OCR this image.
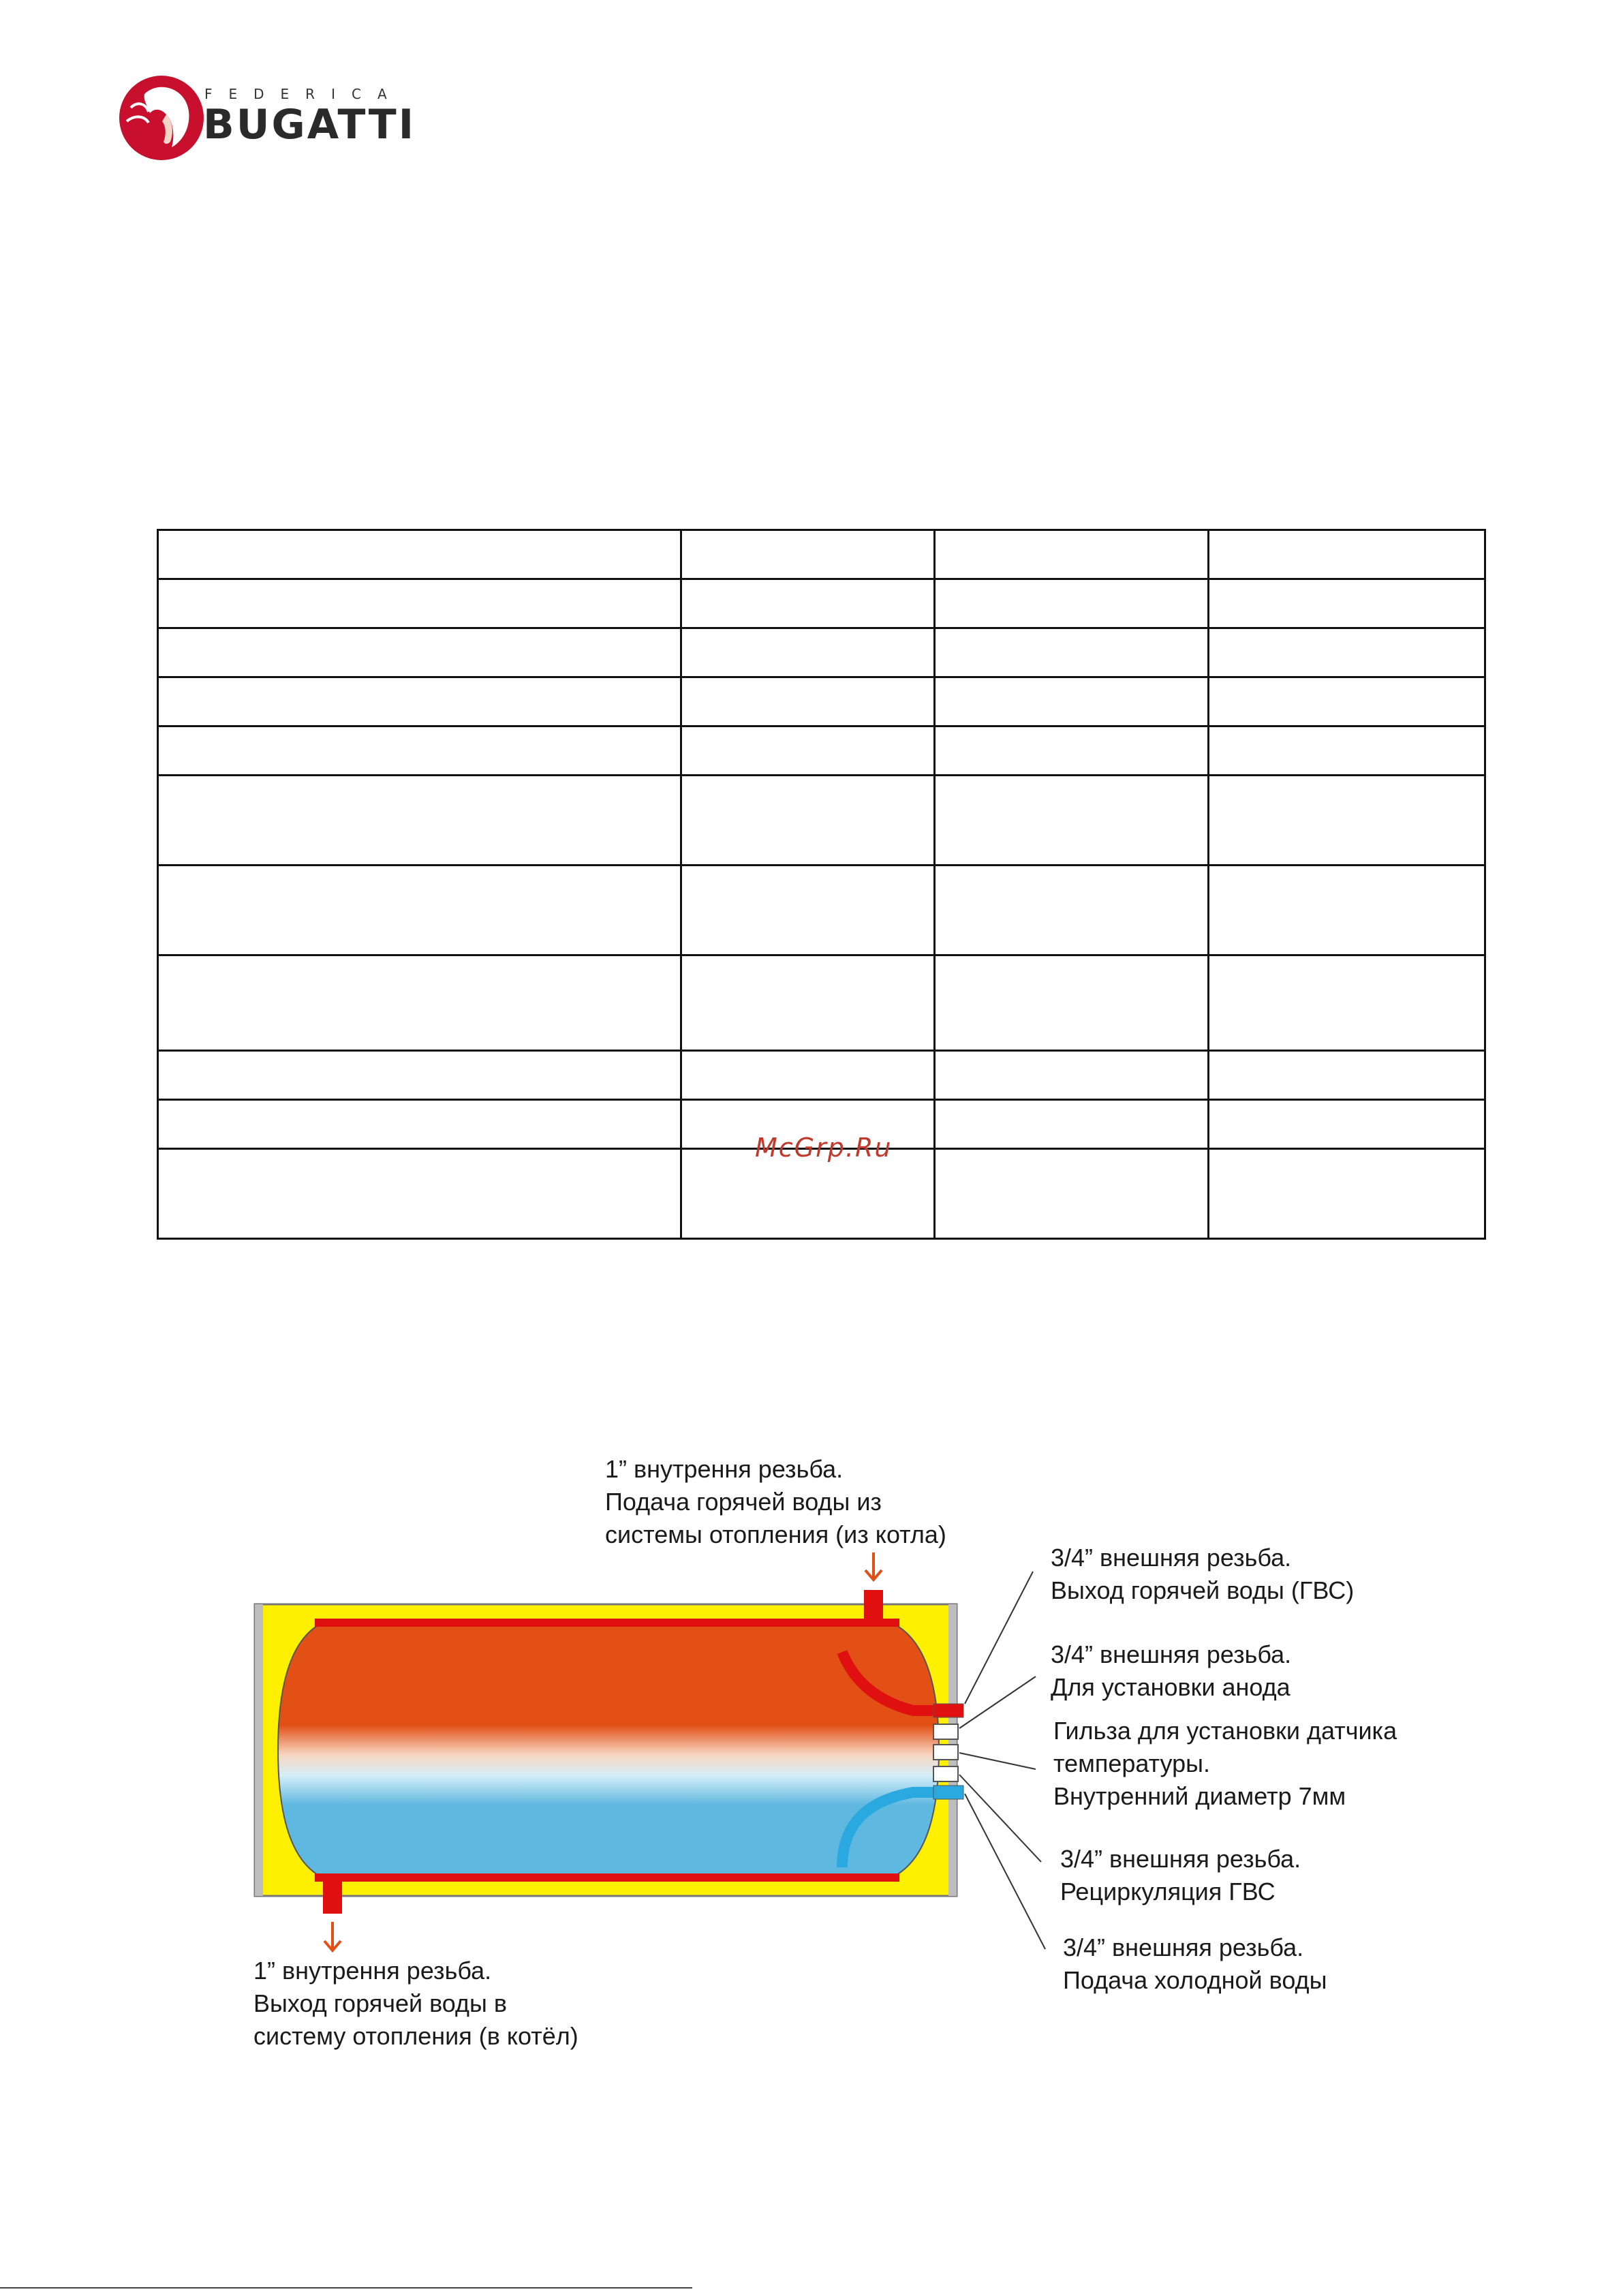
FEDERICA
BUGATTI

McGrp.Ru
1” внутрення резьба.
Подача горячей воды из
системы отопления (из котла)
3/4” внешняя резьба.
Выход горячей воды (ГВС)
3/4” внешняя резьба.
Для установки анода
Гильза для установки датчика
температуры.
Внутренний диаметр 7мм
3/4” внешняя резьба.
Рециркуляция ГВС
3/4” внешняя резьба.
Подача холодной воды
1” внутрення резьба.
Выход горячей воды в
систему отопления (в котёл)
